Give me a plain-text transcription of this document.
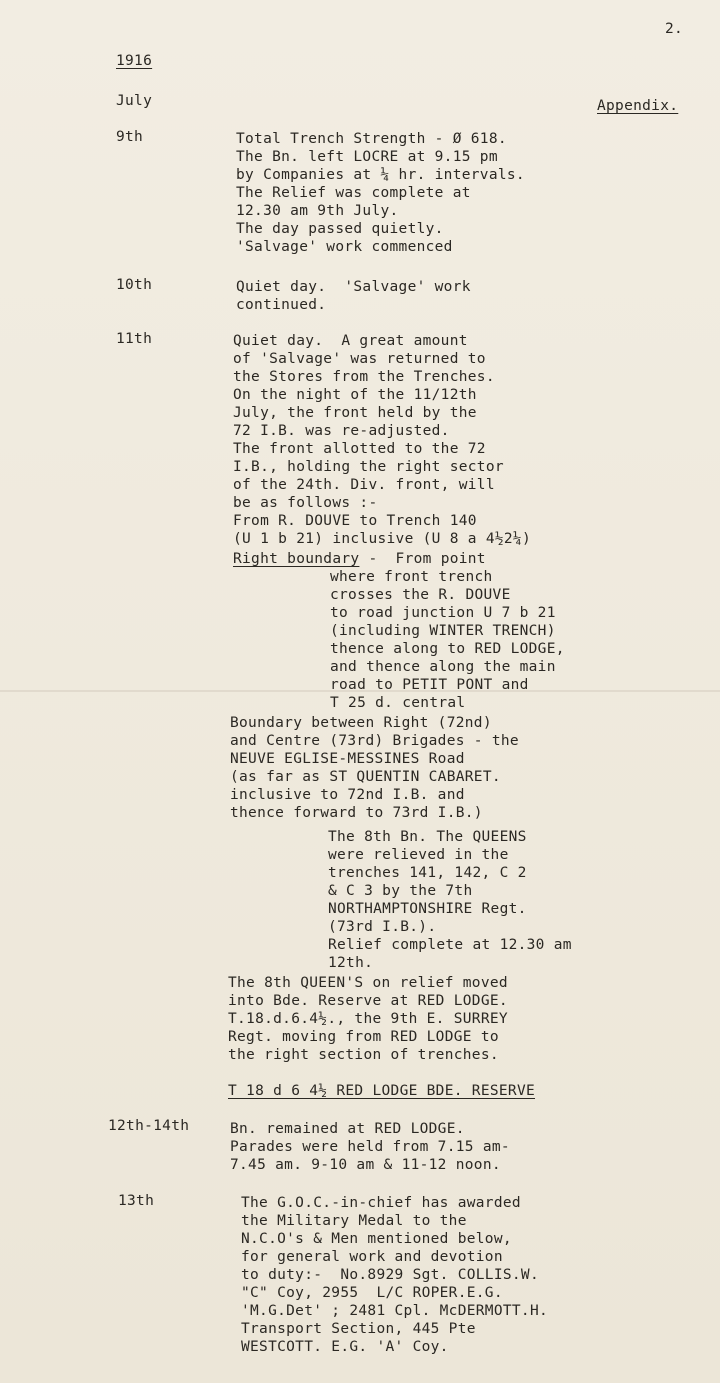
2.
1916
July	Appendix.
9th	Total Trench Strength - Ø 618.
The Bn. left LOCRE at 9.15 pm
by Companies at ¼ hr. intervals.
The Relief was complete at
12.30 am 9th July.
The day passed quietly.
'Salvage' work commenced
10th	Quiet day.  'Salvage' work
continued.
11th	Quiet day.  A great amount
of 'Salvage' was returned to
the Stores from the Trenches.
On the night of the 11/12th
July, the front held by the
72 I.B. was re-adjusted.
The front allotted to the 72
I.B., holding the right sector
of the 24th. Div. front, will
be as follows :-
From R. DOUVE to Trench 140
(U 1 b 21) inclusive (U 8 a 4½2¼)
Right boundary -  From point
where front trench
crosses the R. DOUVE
to road junction U 7 b 21
(including WINTER TRENCH)
thence along to RED LODGE,
and thence along the main
road to PETIT PONT and
T 25 d. central
Boundary between Right (72nd)
and Centre (73rd) Brigades - the
NEUVE EGLISE-MESSINES Road
(as far as ST QUENTIN CABARET.
inclusive to 72nd I.B. and
thence forward to 73rd I.B.)
The 8th Bn. The QUEENS
were relieved in the
trenches 141, 142, C 2
& C 3 by the 7th
NORTHAMPTONSHIRE Regt.
(73rd I.B.).
Relief complete at 12.30 am
12th.
The 8th QUEEN'S on relief moved
into Bde. Reserve at RED LODGE.
T.18.d.6.4½., the 9th E. SURREY
Regt. moving from RED LODGE to
the right section of trenches.
T 18 d 6 4½ RED LODGE BDE. RESERVE
12th-14th	Bn. remained at RED LODGE.
Parades were held from 7.15 am-
7.45 am. 9-10 am & 11-12 noon.
13th	The G.O.C.-in-chief has awarded
the Military Medal to the
N.C.O's & Men mentioned below,
for general work and devotion
to duty:-  No.8929 Sgt. COLLIS.W.
"C" Coy, 2955  L/C ROPER.E.G.
'M.G.Det' ; 2481 Cpl. McDERMOTT.H.
Transport Section, 445 Pte
WESTCOTT. E.G. 'A' Coy.
